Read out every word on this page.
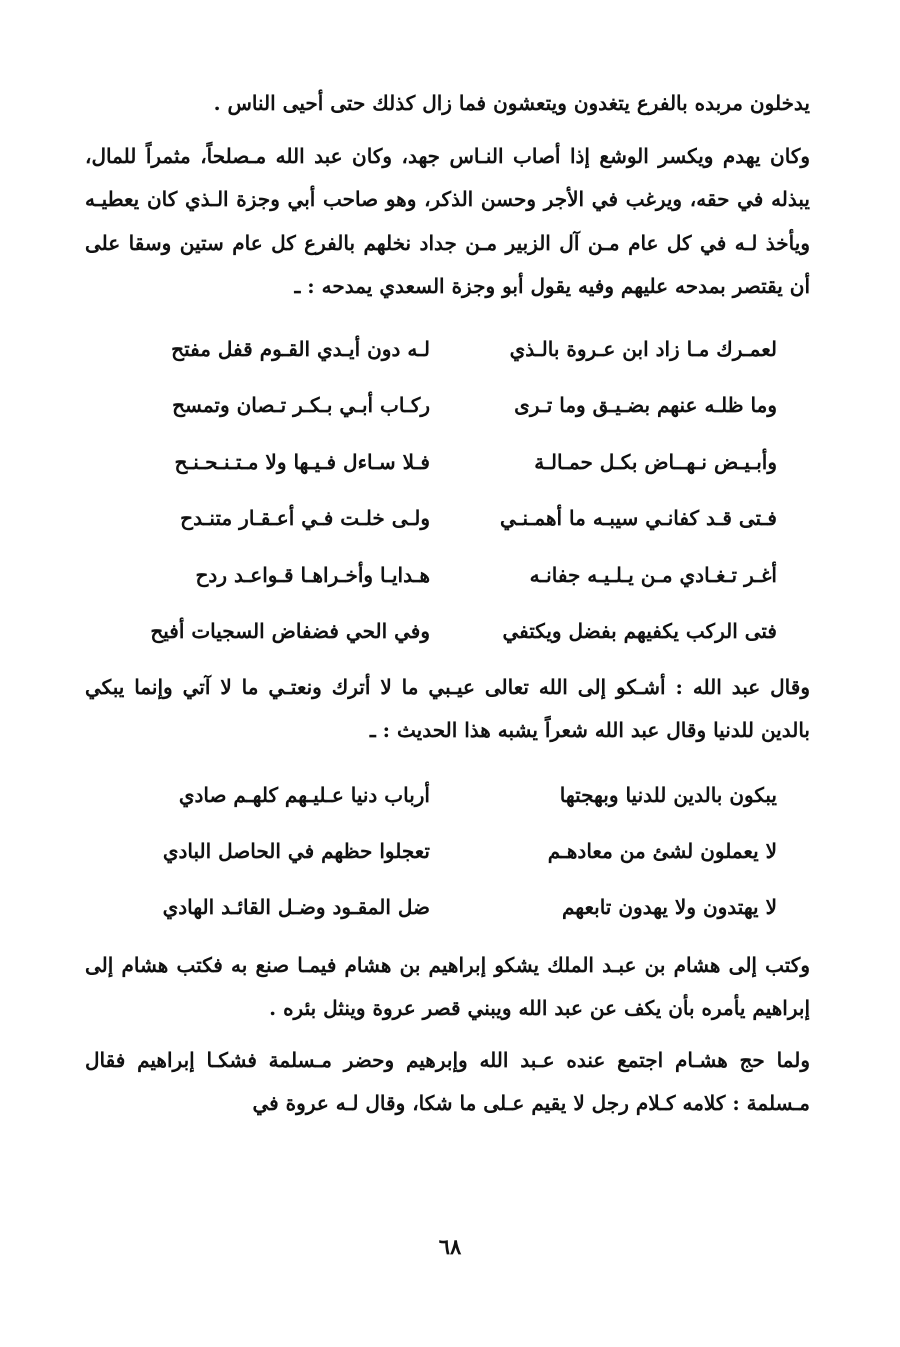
يدخلون مربده بالفرع يتغدون ويتعشون فما زال كذلك حتى أحيى الناس .

وكان يهدم ويكسر الوشع إذا أصاب النـاس جهد، وكان عبد الله مـصلحاً، مثمراً للمال، يبذله في حقه، ويرغب في الأجر وحسن الذكر، وهو صاحب أبي وجزة الـذي كان يعطيـه ويأخذ لـه في كل عام مـن آل الزبير مـن جداد نخلهم بالفرع كل عام ستين وسقا على أن يقتصر بمدحه عليهم وفيه يقول أبو وجزة السعدي يمدحه : ـ

لعمـرك مـا زاد ابن عـروة بالـذي
لـه دون أيـدي القـوم قفل مفتح
وما ظلـه عنهم بضـيـق وما تـرى
ركـاب أبـي بـكـر تـصان وتمسح
وأبـيـض نـهــاض بكـل حمـالـة
فـلا سـاءل فـيـها ولا مـتـنـحـنـح
فـتى قـد كفانـي سيبـه ما أهمـنـي
ولـى خلـت فـي أعـقـار متنـدح
أغـر تـغـادي مـن يـلـيـه جفانـه
هـدايـا وأخـراهـا قـواعـد ردح
فتى الركب يكفيهم بفضل ويكتفي
وفي الحي فضفاض السجيات أفيح

وقال عبد الله : أشـكو إلى الله تعالى عيـبي ما لا أترك ونعتـي ما لا آتي وإنما يبكي بالدين للدنيا وقال عبد الله شعراً يشبه هذا الحديث : ـ

يبكون بالدين للدنيا وبهجتها
أرباب دنيا عـليـهم كلهـم صادي
لا يعملون لشئ من معادهـم
تعجلوا حظهم في الحاصل البادي
لا يهتدون ولا يهدون تابعهم
ضل المقـود وضـل القائـد الهادي

وكتب إلى هشام بن عبـد الملك يشكو إبراهيم بن هشام فيمـا صنع به فكتب هشام إلى إبراهيم يأمره بأن يكف عن عبد الله ويبني قصر عروة وينثل بئره .

ولما حج هشـام اجتمع عنده عـبد الله وإبرهيم وحضر مـسلمة فشكـا إبراهيم فقال مـسلمة : كلامه كـلام رجل لا يقيم عـلى ما شكا، وقال لـه عروة في

٦٨
